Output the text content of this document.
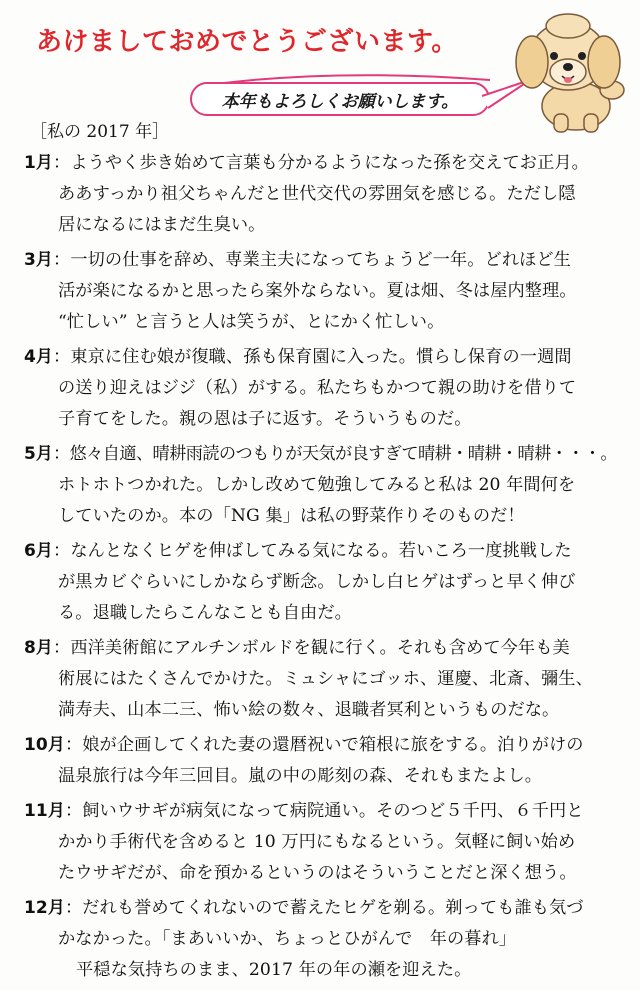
あけましておめでとうございます。
本年もよろしくお願いします。
［私の 2017 年］
1月：ようやく歩き始めて言葉も分かるようになった孫を交えてお正月。
ああすっかり祖父ちゃんだと世代交代の雰囲気を感じる。ただし隠
居になるにはまだ生臭い。
3月：一切の仕事を辞め、専業主夫になってちょうど一年。どれほど生
活が楽になるかと思ったら案外ならない。夏は畑、冬は屋内整理。
“忙しい” と言うと人は笑うが、とにかく忙しい。
4月：東京に住む娘が復職、孫も保育園に入った。慣らし保育の一週間
の送り迎えはジジ（私）がする。私たちもかつて親の助けを借りて
子育てをした。親の恩は子に返す。そういうものだ。
5月：悠々自適、晴耕雨読のつもりが天気が良すぎて晴耕・晴耕・晴耕・・・。
ホトホトつかれた。しかし改めて勉強してみると私は 20 年間何を
していたのか。本の「NG 集」は私の野菜作りそのものだ！
6月：なんとなくヒゲを伸ばしてみる気になる。若いころ一度挑戦した
が黒カビぐらいにしかならず断念。しかし白ヒゲはずっと早く伸び
る。退職したらこんなことも自由だ。
8月：西洋美術館にアルチンボルドを観に行く。それも含めて今年も美
術展にはたくさんでかけた。ミュシャにゴッホ、運慶、北斎、彌生、
満寿夫、山本二三、怖い絵の数々、退職者冥利というものだな。
10月：娘が企画してくれた妻の還暦祝いで箱根に旅をする。泊りがけの
温泉旅行は今年三回目。嵐の中の彫刻の森、それもまたよし。
11月：飼いウサギが病気になって病院通い。そのつど５千円、６千円と
かかり手術代を含めると 10 万円にもなるという。気軽に飼い始め
たウサギだが、命を預かるというのはそういうことだと深く想う。
12月：だれも誉めてくれないので蓄えたヒゲを剃る。剃っても誰も気づ
かなかった。「まあいいか、ちょっとひがんで　年の暮れ」
平穏な気持ちのまま、2017 年の年の瀬を迎えた。
